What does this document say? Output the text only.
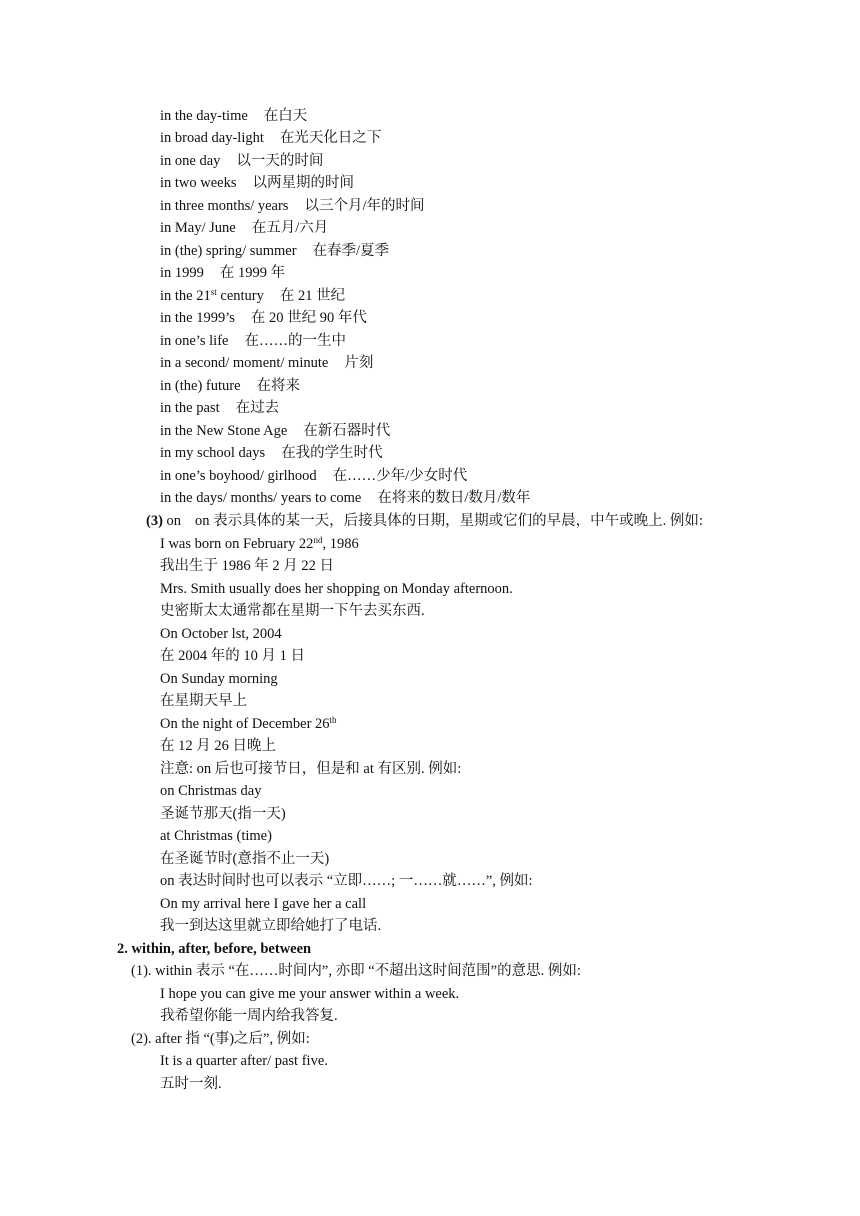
in the day-time 在白天
in broad day-light 在光天化日之下
in one day 以一天的时间
in two weeks 以两星期的时间
in three months/ years 以三个月/年的时间
in May/ June 在五月/六月
in (the) spring/ summer 在春季/夏季
in 1999 在 1999 年
in the 21st century 在 21 世纪
in the 1999’s 在 20 世纪 90 年代
in one’s life 在……的一生中
in a second/ moment/ minute 片刻
in (the) future 在将来
in the past 在过去
in the New Stone Age 在新石器时代
in my school days 在我的学生时代
in one’s boyhood/ girlhood 在……少年/少女时代
in the days/ months/ years to come 在将来的数日/数月/数年
(3) on on 表示具体的某一天，后接具体的日期，星期或它们的早晨，中午或晚上. 例如:
I was born on February 22nd, 1986
我出生于 1986 年 2 月 22 日
Mrs. Smith usually does her shopping on Monday afternoon.
史密斯太太通常都在星期一下午去买东西.
On October lst, 2004
在 2004 年的 10 月 1 日
On Sunday morning
在星期天早上
On the night of December 26th
在 12 月 26 日晚上
注意: on 后也可接节日，但是和 at 有区别. 例如:
on Christmas day
圣诞节那天(指一天)
at Christmas (time)
在圣诞节时(意指不止一天)
on 表达时间时也可以表示 “立即……; 一……就……”, 例如:
On my arrival here I gave her a call
我一到达这里就立即给她打了电话.
2. within, after, before, between
(1). within 表示 “在……时间内”, 亦即 “不超出这时间范围”的意思. 例如:
I hope you can give me your answer within a week.
我希望你能一周内给我答复.
(2). after 指 “(事)之后”, 例如:
It is a quarter after/ past five.
五时一刻.
